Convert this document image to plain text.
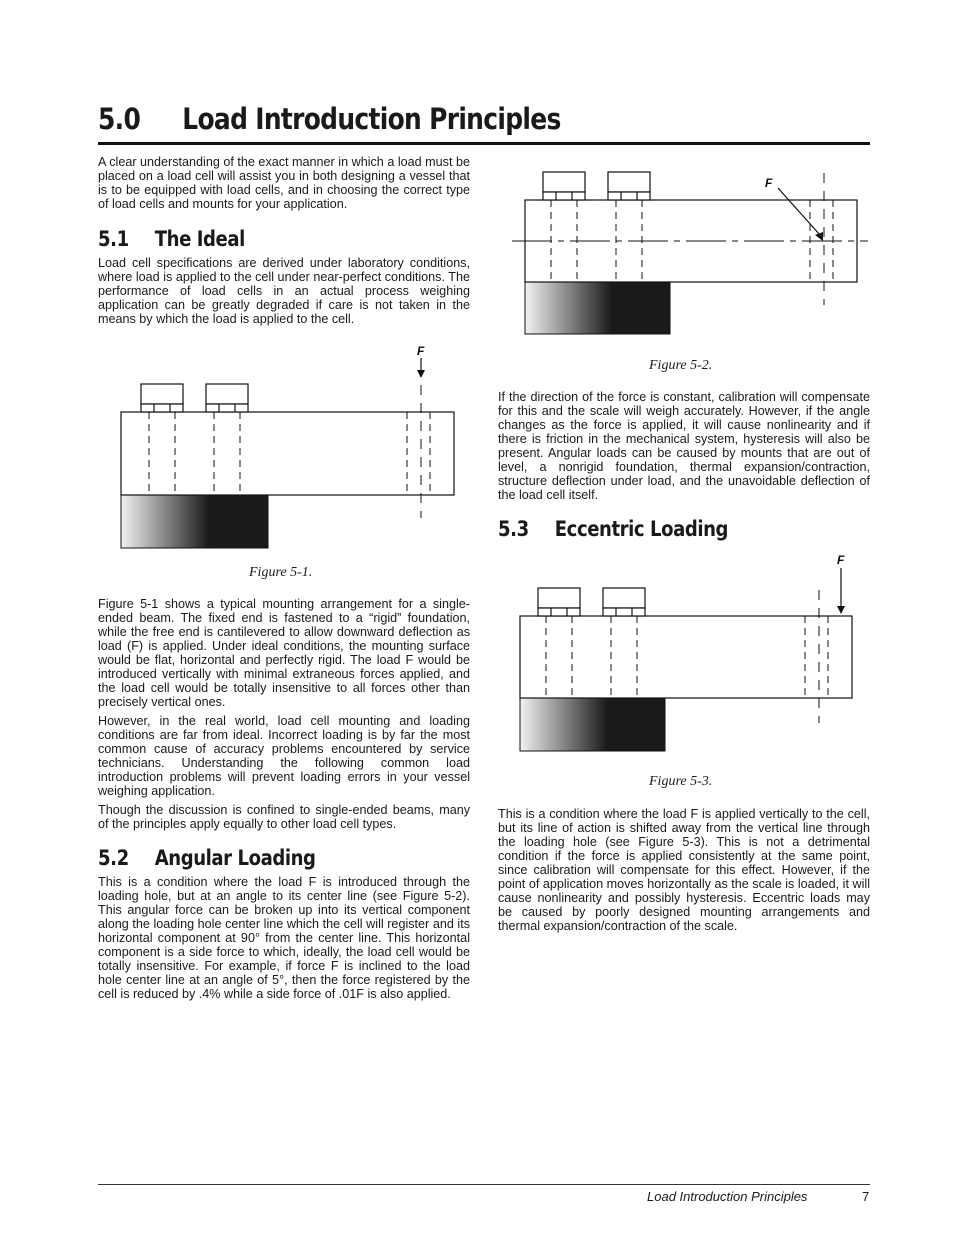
5.0 Load Introduction Principles

A clear understanding of the exact manner in which a load must be placed on a load cell will assist you in both designing a vessel that is to be equipped with load cells, and in choosing the correct type of load cells and mounts for your application.

5.1 The Ideal

Load cell specifications are derived under laboratory conditions, where load is applied to the cell under near-perfect conditions. The performance of load cells in an actual process weighing application can be greatly degraded if care is not taken in the means by which the load is applied to the cell.

F
Figure 5-1.

Figure 5-1 shows a typical mounting arrangement for a single-ended beam. The fixed end is fastened to a “rigid” foundation, while the free end is cantilevered to allow downward deflection as load (F) is applied. Under ideal conditions, the mounting surface would be flat, horizontal and perfectly rigid. The load F would be introduced vertically with minimal extraneous forces applied, and the load cell would be totally insensitive to all forces other than precisely vertical ones.

However, in the real world, load cell mounting and loading conditions are far from ideal. Incorrect loading is by far the most common cause of accuracy problems encountered by service technicians. Understanding the following common load introduction problems will prevent loading errors in your vessel weighing application.

Though the discussion is confined to single-ended beams, many of the principles apply equally to other load cell types.

5.2 Angular Loading

This is a condition where the load F is introduced through the loading hole, but at an angle to its center line (see Figure 5-2). This angular force can be broken up into its vertical component along the loading hole center line which the cell will register and its horizontal component at 90° from the center line. This horizontal component is a side force to which, ideally, the load cell would be totally insensitive. For example, if force F is inclined to the load hole center line at an angle of 5°, then the force registered by the cell is reduced by .4% while a side force of .01F is also applied.

F
Figure 5-2.

If the direction of the force is constant, calibration will compensate for this and the scale will weigh accurately. However, if the angle changes as the force is applied, it will cause nonlinearity and if there is friction in the mechanical system, hysteresis will also be present. Angular loads can be caused by mounts that are out of level, a nonrigid foundation, thermal expansion/contraction, structure deflection under load, and the unavoidable deflection of the load cell itself.

5.3 Eccentric Loading
F
Figure 5-3.

This is a condition where the load F is applied vertically to the cell, but its line of action is shifted away from the vertical line through the loading hole (see Figure 5-3). This is not a detrimental condition if the force is applied consistently at the same point, since calibration will compensate for this effect. However, if the point of application moves horizontally as the scale is loaded, it will cause nonlinearity and possibly hysteresis. Eccentric loads may be caused by poorly designed mounting arrangements and thermal expansion/contraction of the scale.

Load Introduction Principles	7
